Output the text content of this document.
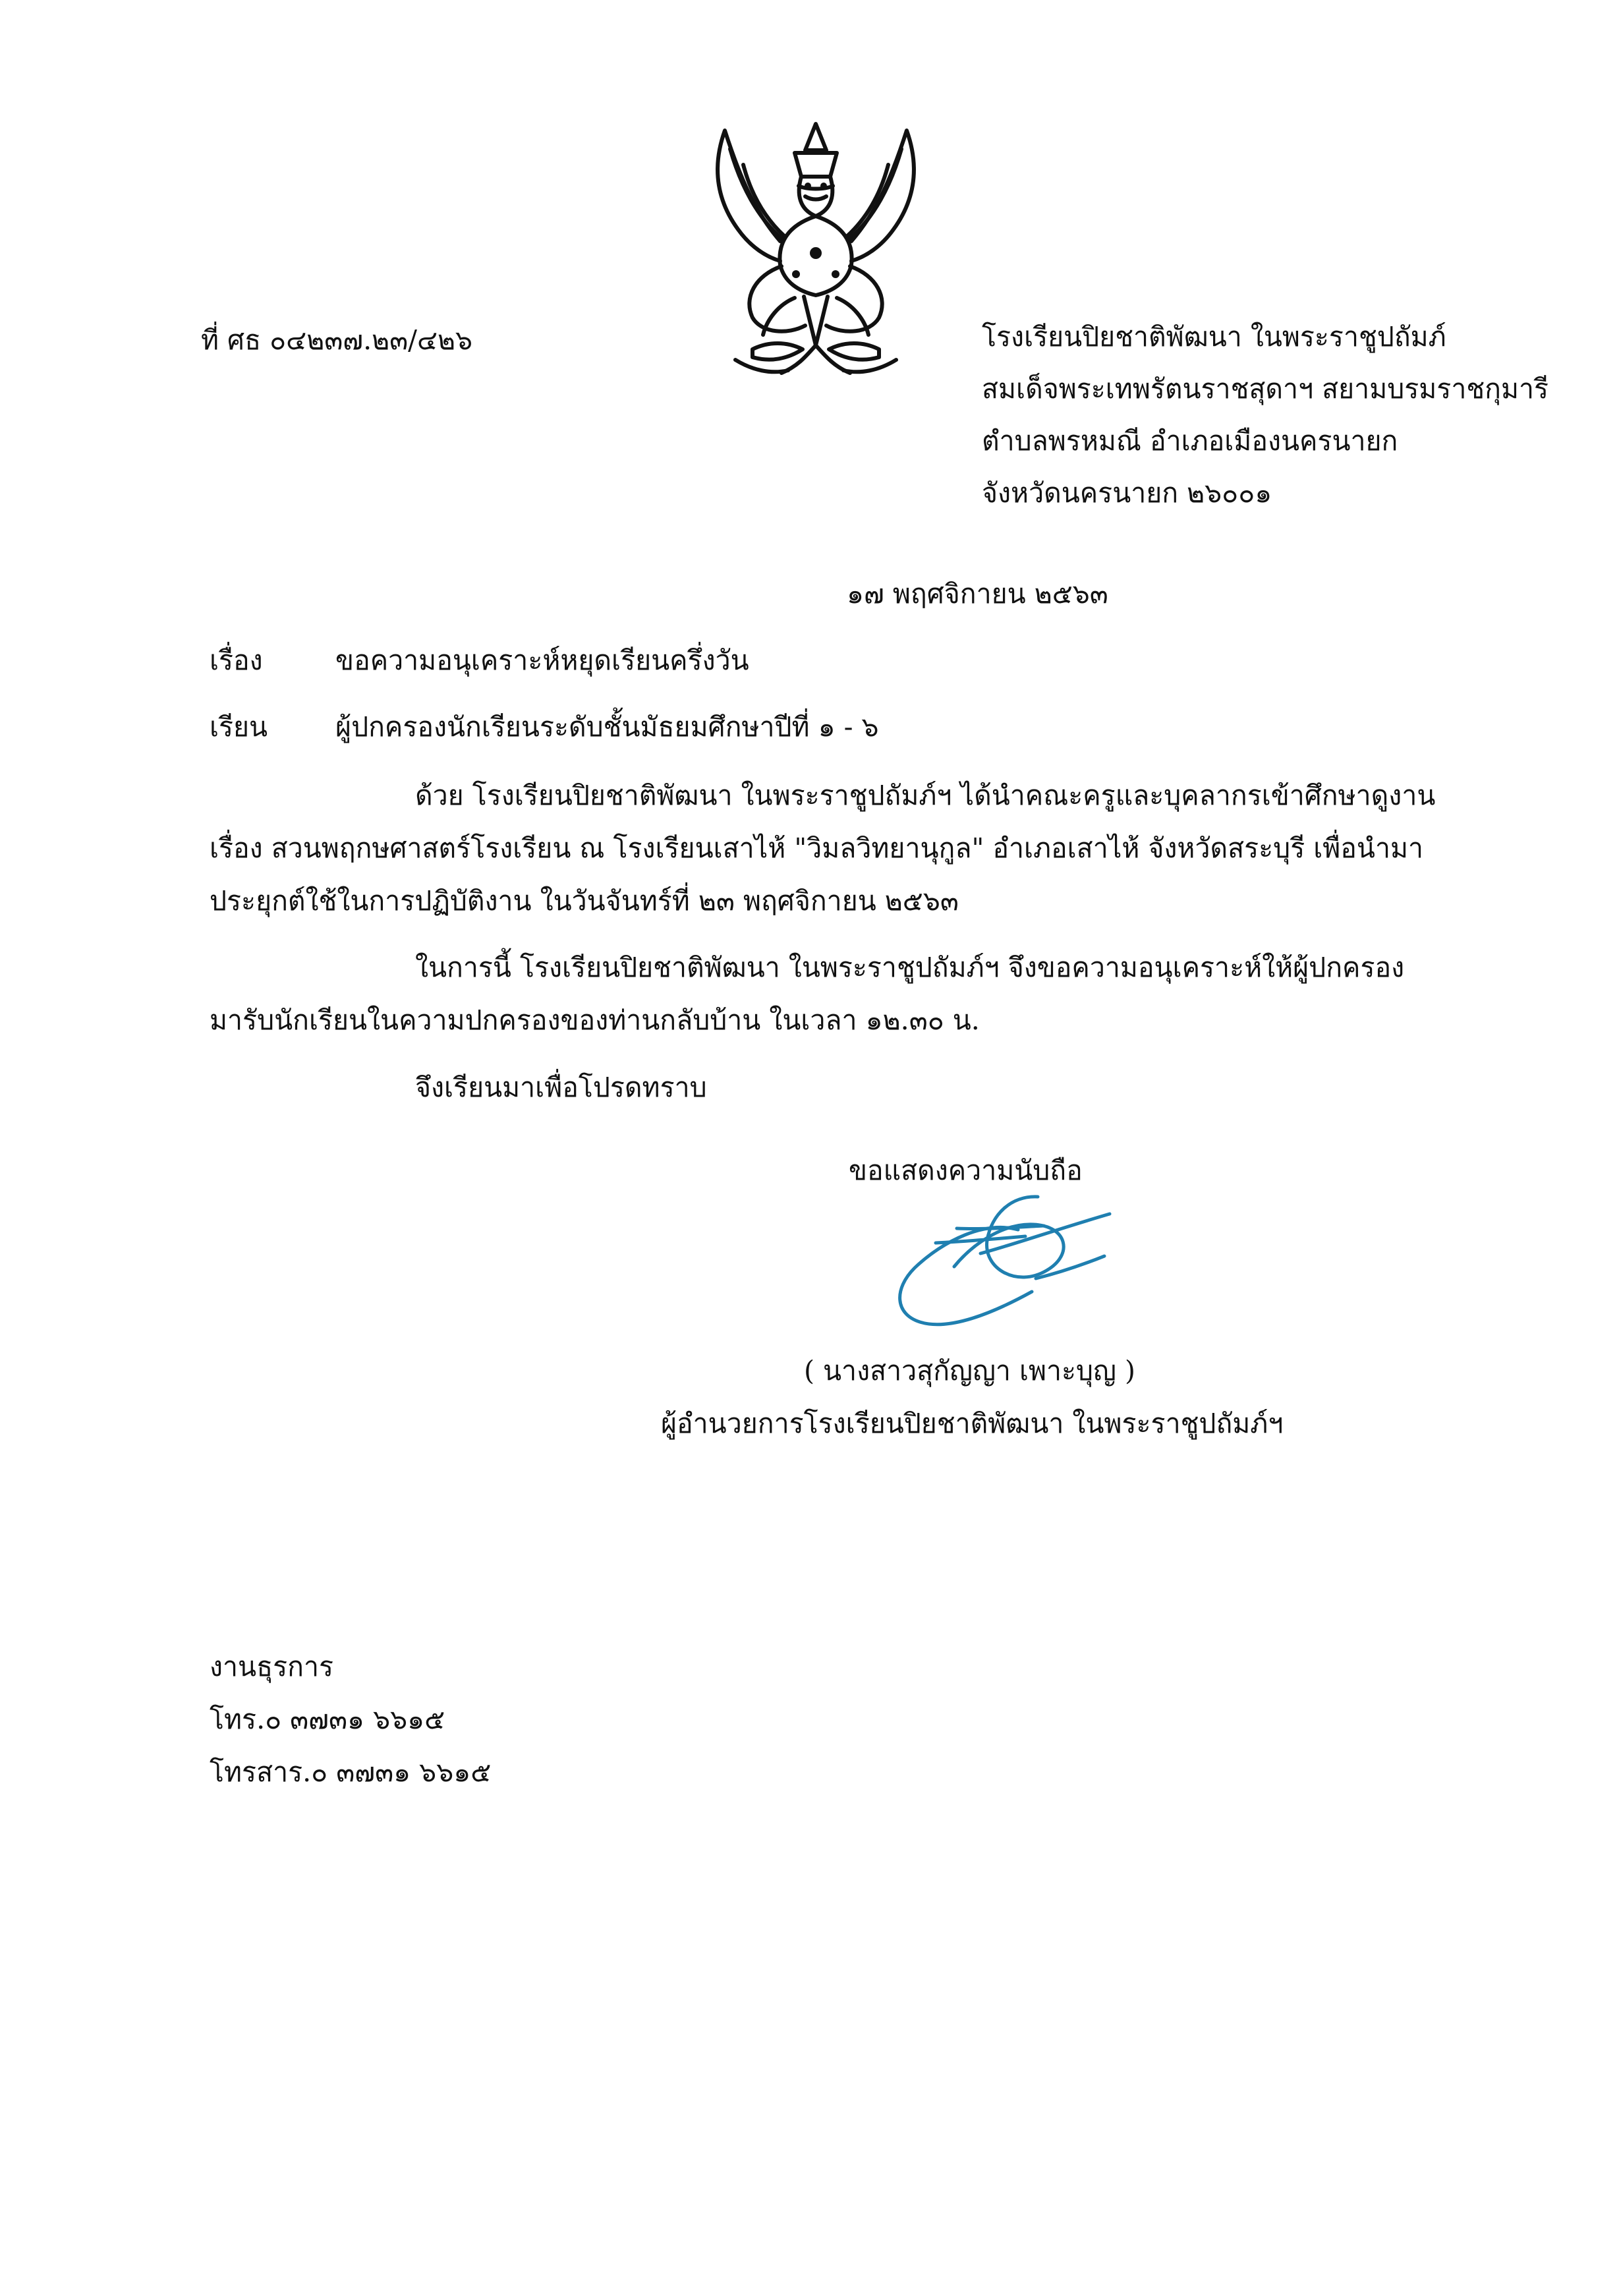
ที่ ศธ ๐๔๒๓๗.๒๓/๔๒๖	โรงเรียนปิยชาติพัฒนา ในพระราชูปถัมภ์
สมเด็จพระเทพรัตนราชสุดาฯ สยามบรมราชกุมารี
ตำบลพรหมณี อำเภอเมืองนครนายก
จังหวัดนครนายก ๒๖๐๐๑
๑๗ พฤศจิกายน ๒๕๖๓
เรื่อง	ขอความอนุเคราะห์หยุดเรียนครึ่งวัน
เรียน	ผู้ปกครองนักเรียนระดับชั้นมัธยมศึกษาปีที่ ๑ - ๖
ด้วย โรงเรียนปิยชาติพัฒนา ในพระราชูปถัมภ์ฯ ได้นำคณะครูและบุคลากรเข้าศึกษาดูงาน
เรื่อง สวนพฤกษศาสตร์โรงเรียน ณ โรงเรียนเสาไห้ "วิมลวิทยานุกูล" อำเภอเสาไห้ จังหวัดสระบุรี เพื่อนำมา
ประยุกต์ใช้ในการปฏิบัติงาน ในวันจันทร์ที่ ๒๓ พฤศจิกายน ๒๕๖๓
ในการนี้ โรงเรียนปิยชาติพัฒนา ในพระราชูปถัมภ์ฯ จึงขอความอนุเคราะห์ให้ผู้ปกครอง
มารับนักเรียนในความปกครองของท่านกลับบ้าน ในเวลา ๑๒.๓๐ น.
จึงเรียนมาเพื่อโปรดทราบ
ขอแสดงความนับถือ
( นางสาวสุกัญญา เพาะบุญ )
ผู้อำนวยการโรงเรียนปิยชาติพัฒนา ในพระราชูปถัมภ์ฯ
งานธุรการ
โทร.๐ ๓๗๓๑ ๖๖๑๕
โทรสาร.๐ ๓๗๓๑ ๖๖๑๕
